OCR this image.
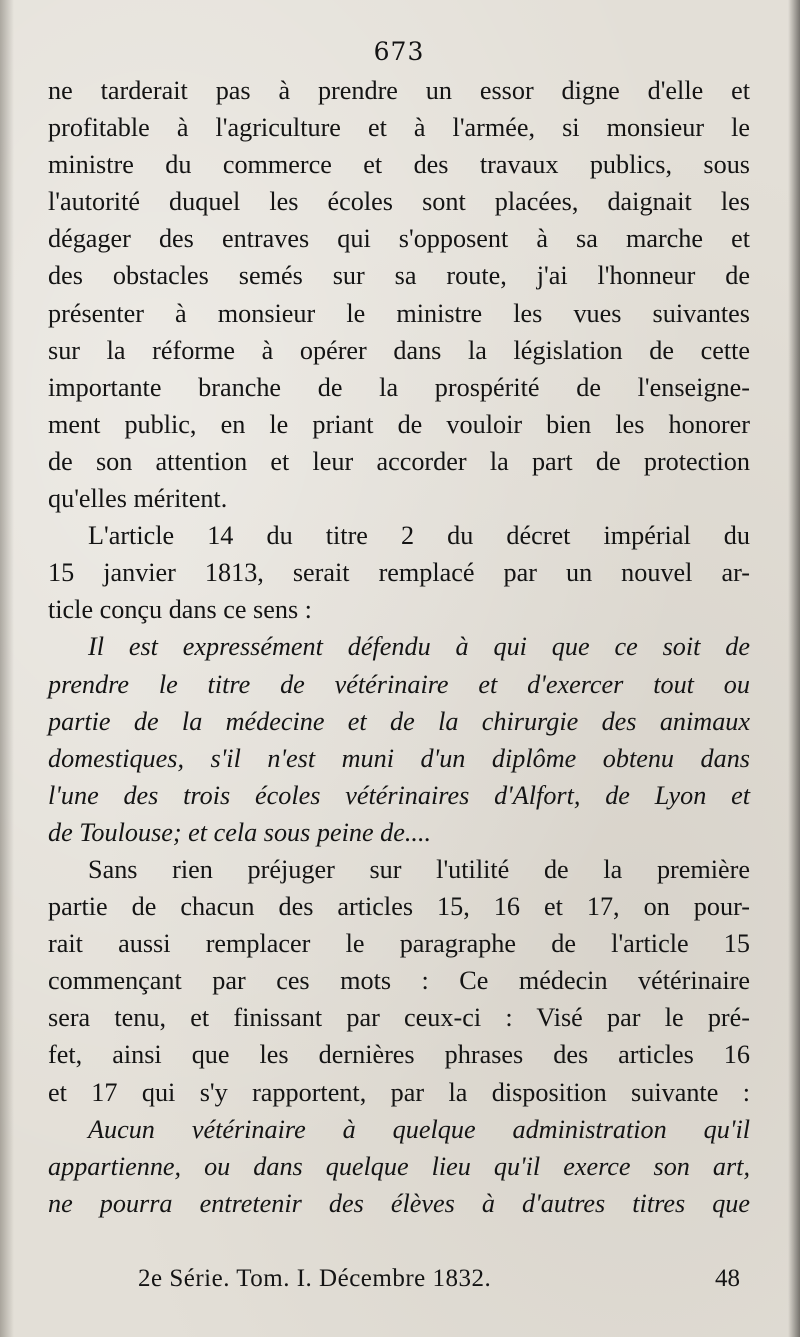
673
ne tarderait pas à prendre un essor digne d'elle et
profitable à l'agriculture et à l'armée, si monsieur le
ministre du commerce et des travaux publics, sous
l'autorité duquel les écoles sont placées, daignait les
dégager des entraves qui s'opposent à sa marche et
des obstacles semés sur sa route, j'ai l'honneur de
présenter à monsieur le ministre les vues suivantes
sur la réforme à opérer dans la législation de cette
importante branche de la prospérité de l'enseigne-
ment public, en le priant de vouloir bien les honorer
de son attention et leur accorder la part de protection
qu'elles méritent.
L'article 14 du titre 2 du décret impérial du
15 janvier 1813, serait remplacé par un nouvel ar-
ticle conçu dans ce sens :
Il est expressément défendu à qui que ce soit de
prendre le titre de vétérinaire et d'exercer tout ou
partie de la médecine et de la chirurgie des animaux
domestiques, s'il n'est muni d'un diplôme obtenu dans
l'une des trois écoles vétérinaires d'Alfort, de Lyon et
de Toulouse; et cela sous peine de....
Sans rien préjuger sur l'utilité de la première
partie de chacun des articles 15, 16 et 17, on pour-
rait aussi remplacer le paragraphe de l'article 15
commençant par ces mots : Ce médecin vétérinaire
sera tenu, et finissant par ceux-ci : Visé par le pré-
fet, ainsi que les dernières phrases des articles 16
et 17 qui s'y rapportent, par la disposition suivante :
Aucun vétérinaire à quelque administration qu'il
appartienne, ou dans quelque lieu qu'il exerce son art,
ne pourra entretenir des élèves à d'autres titres que
2e Série. Tom. I. Décembre 1832.	48
